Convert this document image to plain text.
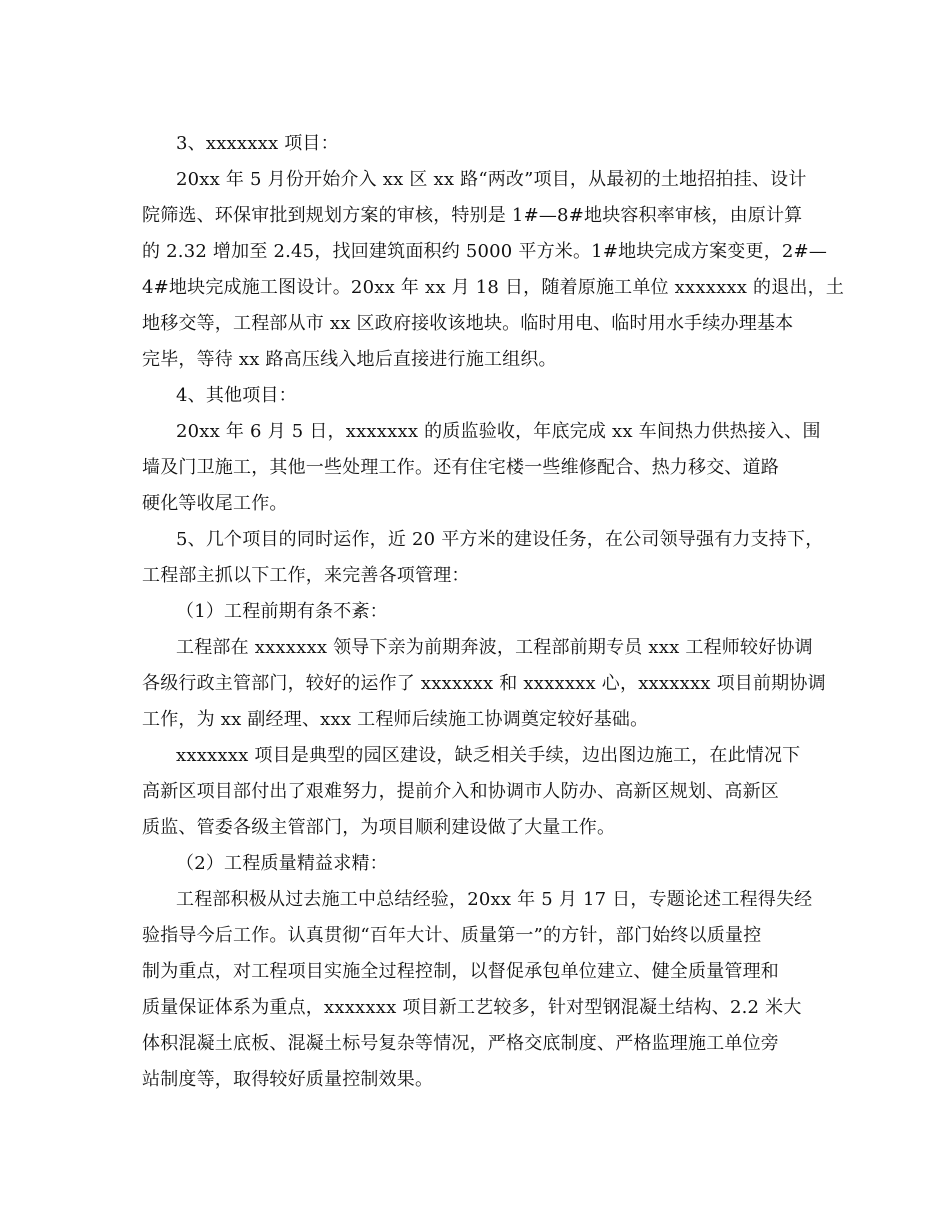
3、xxxxxxx 项目：
20xx 年 5 月份开始介入 xx 区 xx 路“两改”项目，从最初的土地招拍挂、设计
院筛选、环保审批到规划方案的审核，特别是 1#—8#地块容积率审核，由原计算
的 2.32 增加至 2.45，找回建筑面积约 5000 平方米。1#地块完成方案变更，2#—
4#地块完成施工图设计。20xx 年 xx 月 18 日，随着原施工单位 xxxxxxx 的退出，土
地移交等，工程部从市 xx 区政府接收该地块。临时用电、临时用水手续办理基本
完毕，等待 xx 路高压线入地后直接进行施工组织。
4、其他项目：
20xx 年 6 月 5 日，xxxxxxx 的质监验收，年底完成 xx 车间热力供热接入、围
墙及门卫施工，其他一些处理工作。还有住宅楼一些维修配合、热力移交、道路
硬化等收尾工作。
5、几个项目的同时运作，近 20 平方米的建设任务，在公司领导强有力支持下，
工程部主抓以下工作，来完善各项管理：
（1）工程前期有条不紊：
工程部在 xxxxxxx 领导下亲为前期奔波，工程部前期专员 xxx 工程师较好协调
各级行政主管部门，较好的运作了 xxxxxxx 和 xxxxxxx 心，xxxxxxx 项目前期协调
工作，为 xx 副经理、xxx 工程师后续施工协调奠定较好基础。
xxxxxxx 项目是典型的园区建设，缺乏相关手续，边出图边施工，在此情况下
高新区项目部付出了艰难努力，提前介入和协调市人防办、高新区规划、高新区
质监、管委各级主管部门，为项目顺利建设做了大量工作。
（2）工程质量精益求精：
工程部积极从过去施工中总结经验，20xx 年 5 月 17 日，专题论述工程得失经
验指导今后工作。认真贯彻“百年大计、质量第一”的方针，部门始终以质量控
制为重点，对工程项目实施全过程控制，以督促承包单位建立、健全质量管理和
质量保证体系为重点，xxxxxxx 项目新工艺较多，针对型钢混凝土结构、2.2 米大
体积混凝土底板、混凝土标号复杂等情况，严格交底制度、严格监理施工单位旁
站制度等，取得较好质量控制效果。
